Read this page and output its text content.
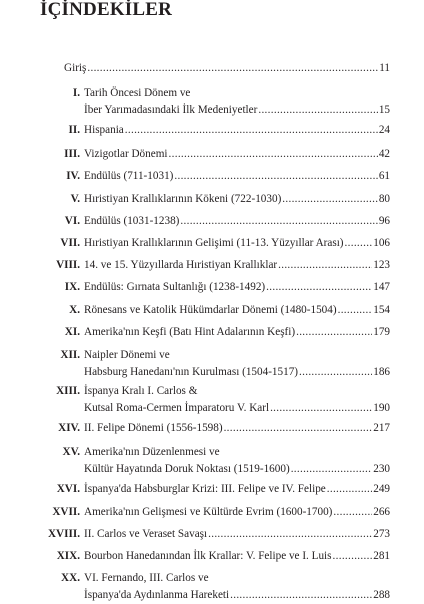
İÇİNDEKİLER
Giriş .....	11
I. Tarih Öncesi Dönem ve
İber Yarımadasındaki İlk Medeniyetler .....	15
II. Hispania .....	24
III. Vizigotlar Dönemi .....	42
IV. Endülüs (711-1031) .....	61
V. Hıristiyan Krallıklarının Kökeni (722-1030) .....	80
VI. Endülüs (1031-1238) .....	96
VII. Hıristiyan Krallıklarının Gelişimi (11-13. Yüzyıllar Arası) .....	106
VIII. 14. ve 15. Yüzyıllarda Hıristiyan Krallıklar .....	123
IX. Endülüs: Gırnata Sultanlığı (1238-1492) .....	147
X. Rönesans ve Katolik Hükümdarlar Dönemi (1480-1504) .....	154
XI. Amerika'nın Keşfi (Batı Hint Adalarının Keşfi) .....	179
XII. Naipler Dönemi ve
Habsburg Hanedanı'nın Kurulması (1504-1517) .....	186
XIII. İspanya Kralı I. Carlos &
Kutsal Roma-Cermen İmparatoru V. Karl .....	190
XIV. II. Felipe Dönemi (1556-1598) .....	217
XV. Amerika'nın Düzenlenmesi ve
Kültür Hayatında Doruk Noktası (1519-1600) .....	230
XVI. İspanya'da Habsburglar Krizi: III. Felipe ve IV. Felipe .....	249
XVII. Amerika'nın Gelişmesi ve Kültürde Evrim (1600-1700) .....	266
XVIII. II. Carlos ve Veraset Savaşı .....	273
XIX. Bourbon Hanedanından İlk Krallar: V. Felipe ve I. Luis .....	281
XX. VI. Fernando, III. Carlos ve
İspanya'da Aydınlanma Hareketi .....	288
